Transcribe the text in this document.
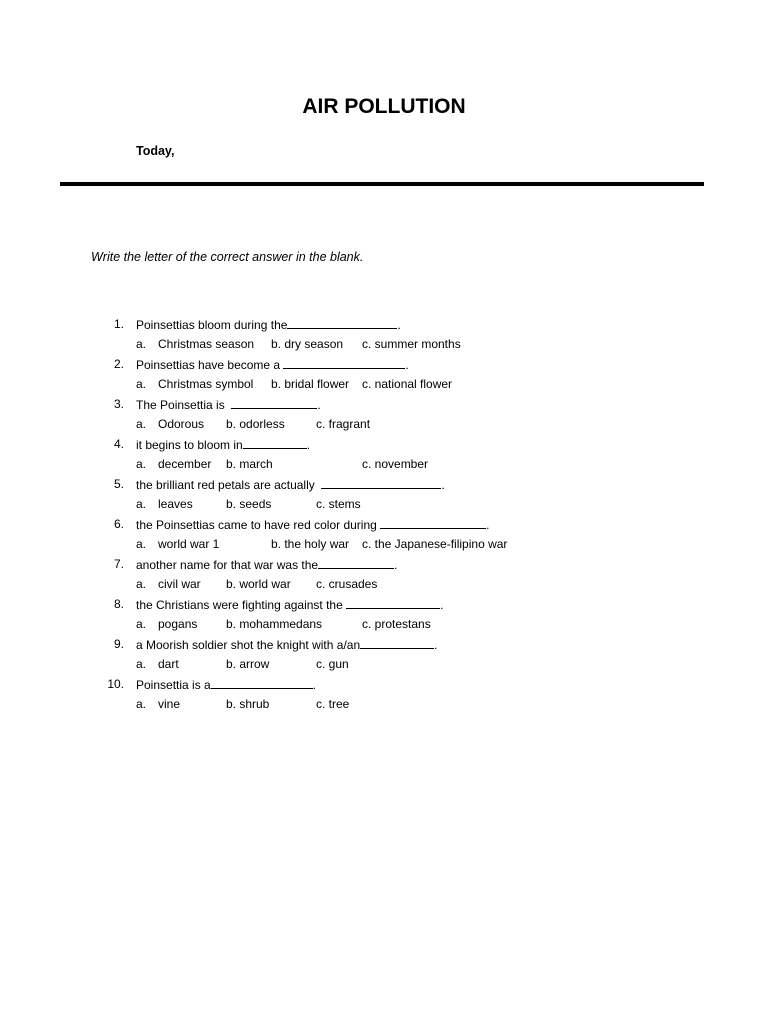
AIR POLLUTION
Today,
Write the letter of the correct answer in the blank.
1. Poinsettias bloom during the	.
a. Christmas season b. dry season c. summer months
2. Poinsettias have become a	.
a. Christmas symbol b. bridal flower c. national flower
3. The Poinsettia is	.
a. Odorous b. odorless	c. fragrant
4. it begins to bloom in	.
a. december b. march	c. november
5. the brilliant red petals are actually	.
a. leaves	b. seeds	c. stems
6. the Poinsettias came to have red color during	.
a. world war 1	b. the holy war c. the Japanese-filipino war
7. another name for that war was the	.
a. civil war b. world war c. crusades
8. the Christians were fighting against the	.
a. pogans b. mohammedans	c. protestans
9. a Moorish soldier shot the knight with a/an	.
a. dart	b. arrow	c. gun
10. Poinsettia is a	.
a. vine	b. shrub	c. tree
